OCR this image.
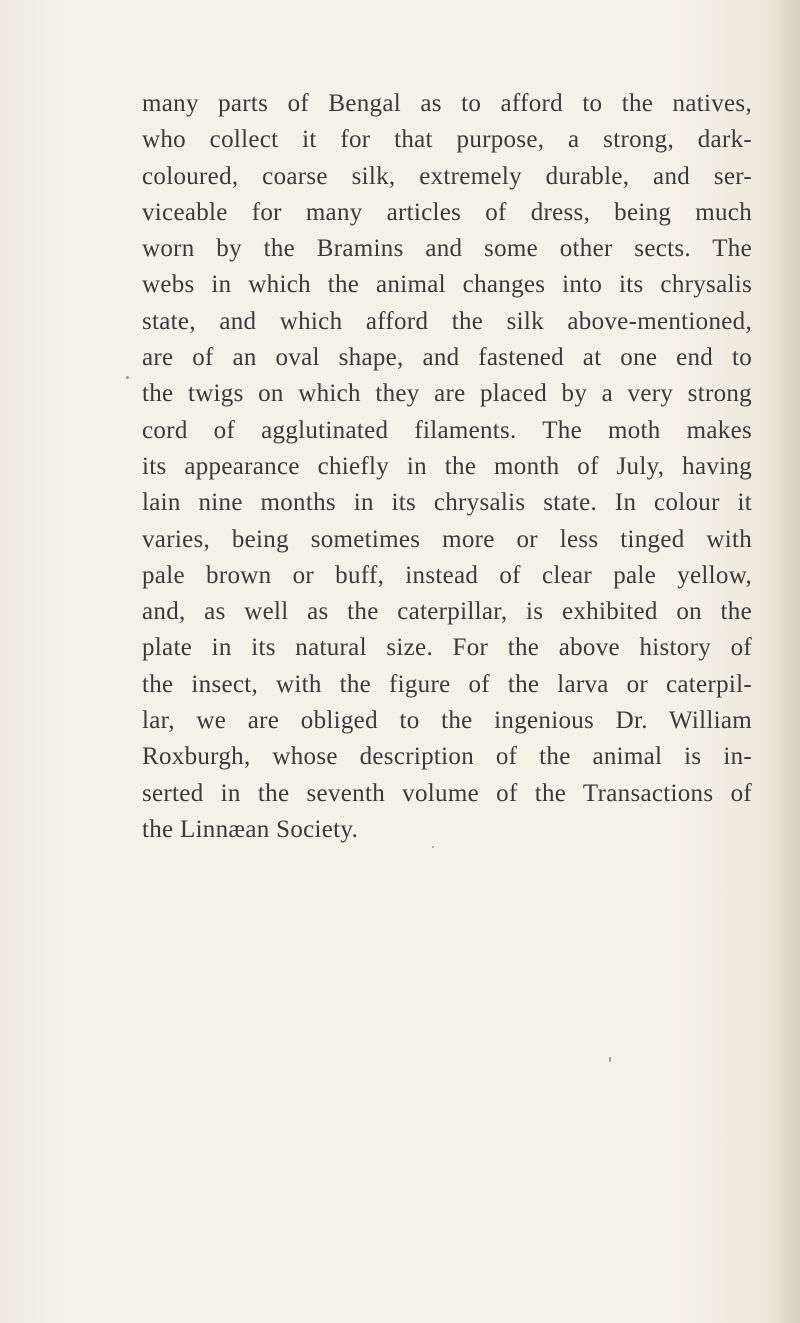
many parts of Bengal as to afford to the natives,
who collect it for that purpose, a strong, dark-
coloured, coarse silk, extremely durable, and ser-
viceable for many articles of dress, being much
worn by the Bramins and some other sects. The
webs in which the animal changes into its chrysalis
state, and which afford the silk above-mentioned,
are of an oval shape, and fastened at one end to
the twigs on which they are placed by a very strong
cord of agglutinated filaments. The moth makes
its appearance chiefly in the month of July, having
lain nine months in its chrysalis state. In colour it
varies, being sometimes more or less tinged with
pale brown or buff, instead of clear pale yellow,
and, as well as the caterpillar, is exhibited on the
plate in its natural size. For the above history of
the insect, with the figure of the larva or caterpil-
lar, we are obliged to the ingenious Dr. William
Roxburgh, whose description of the animal is in-
serted in the seventh volume of the Transactions of
the Linnæan Society.
